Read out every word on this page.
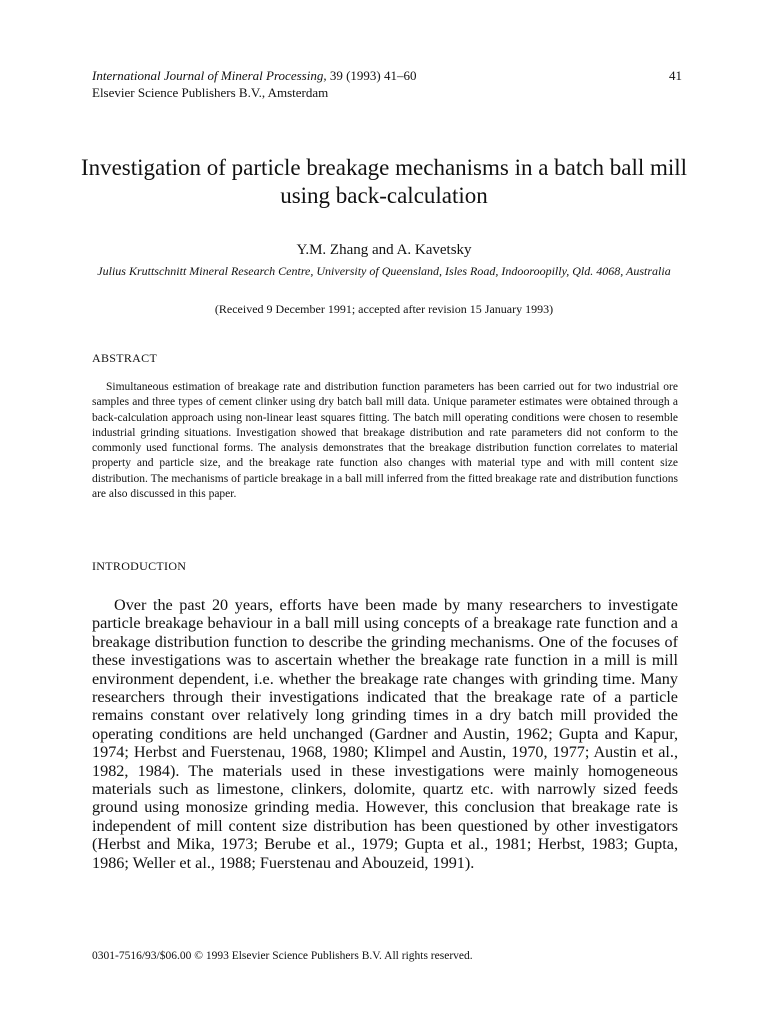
International Journal of Mineral Processing, 39 (1993) 41–60
Elsevier Science Publishers B.V., Amsterdam
41
Investigation of particle breakage mechanisms in a batch ball mill using back-calculation
Y.M. Zhang and A. Kavetsky
Julius Kruttschnitt Mineral Research Centre, University of Queensland, Isles Road, Indooroopilly, Qld. 4068, Australia
(Received 9 December 1991; accepted after revision 15 January 1993)
ABSTRACT

Simultaneous estimation of breakage rate and distribution function parameters has been carried out for two industrial ore samples and three types of cement clinker using dry batch ball mill data. Unique parameter estimates were obtained through a back-calculation approach using non-linear least squares fitting. The batch mill operating conditions were chosen to resemble industrial grinding situations. Investigation showed that breakage distribution and rate parameters did not conform to the commonly used functional forms. The analysis demonstrates that the breakage distribution function correlates to material property and particle size, and the breakage rate function also changes with material type and with mill content size distribution. The mechanisms of particle breakage in a ball mill inferred from the fitted breakage rate and distribution functions are also discussed in this paper.

INTRODUCTION

Over the past 20 years, efforts have been made by many researchers to investigate particle breakage behaviour in a ball mill using concepts of a breakage rate function and a breakage distribution function to describe the grinding mechanisms. One of the focuses of these investigations was to ascertain whether the breakage rate function in a mill is mill environment dependent, i.e. whether the breakage rate changes with grinding time. Many researchers through their investigations indicated that the breakage rate of a particle remains constant over relatively long grinding times in a dry batch mill provided the operating conditions are held unchanged (Gardner and Austin, 1962; Gupta and Kapur, 1974; Herbst and Fuerstenau, 1968, 1980; Klimpel and Austin, 1970, 1977; Austin et al., 1982, 1984). The materials used in these investigations were mainly homogeneous materials such as limestone, clinkers, dolomite, quartz etc. with narrowly sized feeds ground using monosize grinding media. However, this conclusion that breakage rate is independent of mill content size distribution has been questioned by other investigators (Herbst and Mika, 1973; Berube et al., 1979; Gupta et al., 1981; Herbst, 1983; Gupta, 1986; Weller et al., 1988; Fuerstenau and Abouzeid, 1991).

0301-7516/93/$06.00 © 1993 Elsevier Science Publishers B.V. All rights reserved.
